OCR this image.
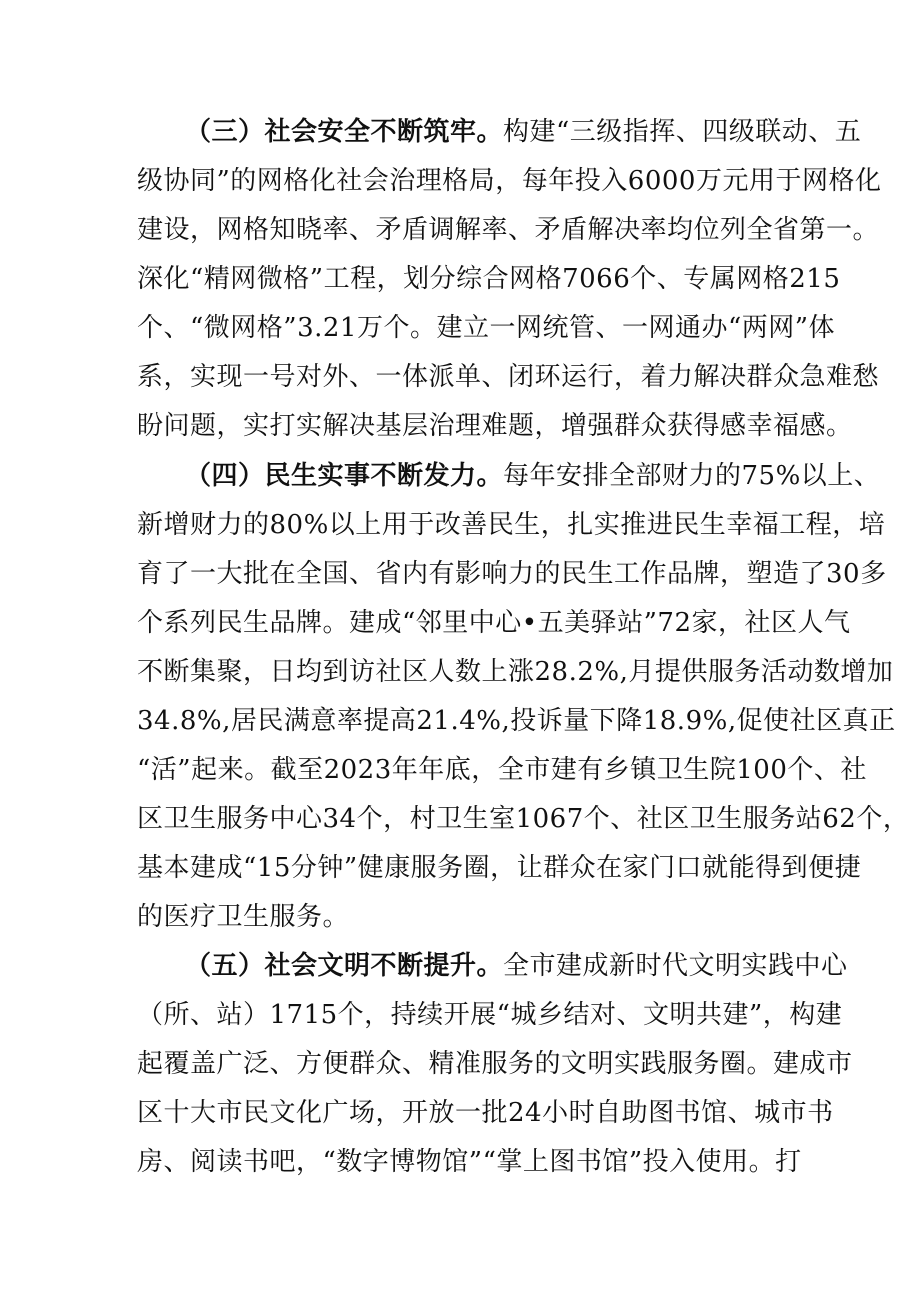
（三）社会安全不断筑牢。构建“三级指挥、四级联动、五
级协同”的网格化社会治理格局，每年投入6000万元用于网格化
建设，网格知晓率、矛盾调解率、矛盾解决率均位列全省第一。
深化“精网微格”工程，划分综合网格7066个、专属网格215
个、“微网格”3.21万个。建立一网统管、一网通办“两网”体
系，实现一号对外、一体派单、闭环运行，着力解决群众急难愁
盼问题，实打实解决基层治理难题，增强群众获得感幸福感。
（四）民生实事不断发力。每年安排全部财力的75%以上、
新增财力的80%以上用于改善民生，扎实推进民生幸福工程，培
育了一大批在全国、省内有影响力的民生工作品牌，塑造了30多
个系列民生品牌。建成“邻里中心•五美驿站”72家，社区人气
不断集聚，日均到访社区人数上涨28.2%,月提供服务活动数增加
34.8%,居民满意率提高21.4%,投诉量下降18.9%,促使社区真正
“活”起来。截至2023年年底，全市建有乡镇卫生院100个、社
区卫生服务中心34个，村卫生室1067个、社区卫生服务站62个，
基本建成“15分钟”健康服务圈，让群众在家门口就能得到便捷
的医疗卫生服务。
（五）社会文明不断提升。全市建成新时代文明实践中心
（所、站）1715个，持续开展“城乡结对、文明共建”，构建
起覆盖广泛、方便群众、精准服务的文明实践服务圈。建成市
区十大市民文化广场，开放一批24小时自助图书馆、城市书
房、阅读书吧，“数字博物馆”“掌上图书馆”投入使用。打
